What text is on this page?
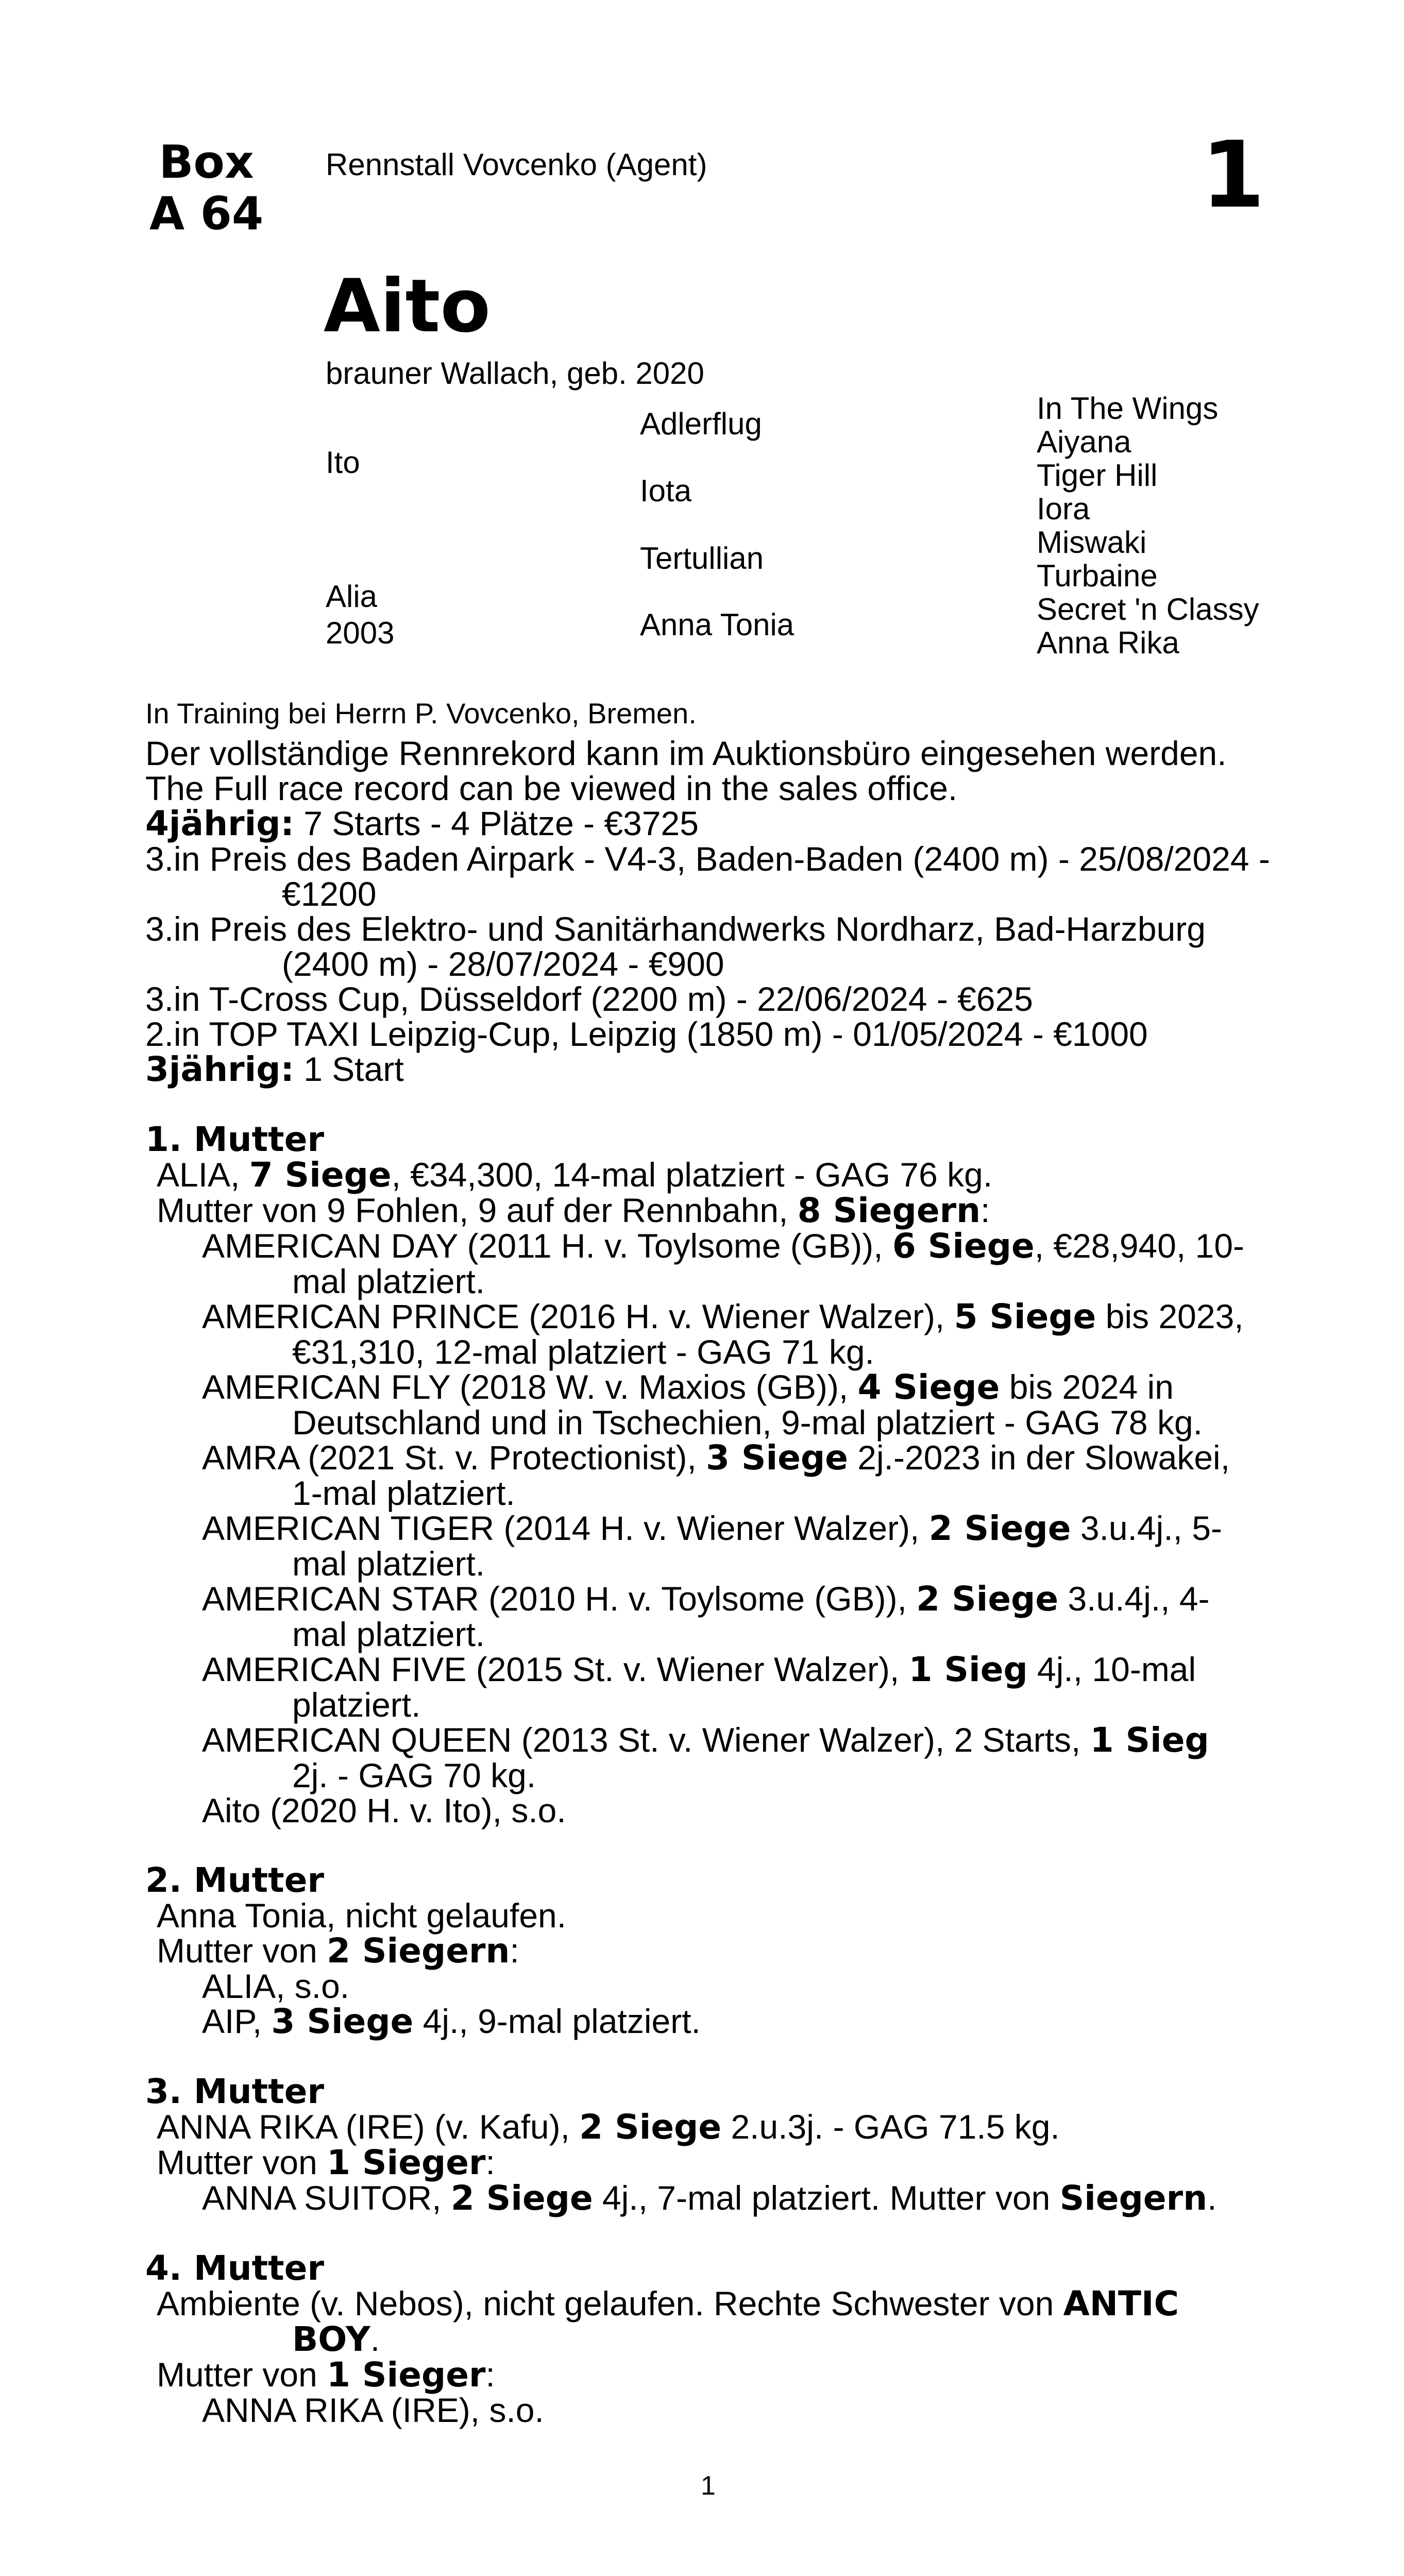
Box
A 64
Rennstall Vovcenko (Agent)	1
Aito
brauner Wallach, geb. 2020
Ito
Alia
2003
Adlerflug
Iota
Tertullian
Anna Tonia
In The Wings
Aiyana
Tiger Hill
Iora
Miswaki
Turbaine
Secret 'n Classy
Anna Rika
In Training bei Herrn P. Vovcenko, Bremen.
Der vollständige Rennrekord kann im Auktionsbüro eingesehen werden.
The Full race record can be viewed in the sales office.
4jährig: 7 Starts - 4 Plätze - €3725
3.in Preis des Baden Airpark - V4-3, Baden-Baden (2400 m) - 25/08/2024 -
€1200
3.in Preis des Elektro- und Sanitärhandwerks Nordharz, Bad-Harzburg
(2400 m) - 28/07/2024 - €900
3.in T-Cross Cup, Düsseldorf (2200 m) - 22/06/2024 - €625
2.in TOP TAXI Leipzig-Cup, Leipzig (1850 m) - 01/05/2024 - €1000
3jährig: 1 Start
1. Mutter
ALIA, 7 Siege, €34,300, 14-mal platziert - GAG 76 kg.
Mutter von 9 Fohlen, 9 auf der Rennbahn, 8 Siegern:
AMERICAN DAY (2011 H. v. Toylsome (GB)), 6 Siege, €28,940, 10-
mal platziert.
AMERICAN PRINCE (2016 H. v. Wiener Walzer), 5 Siege bis 2023,
€31,310, 12-mal platziert - GAG 71 kg.
AMERICAN FLY (2018 W. v. Maxios (GB)), 4 Siege bis 2024 in
Deutschland und in Tschechien, 9-mal platziert - GAG 78 kg.
AMRA (2021 St. v. Protectionist), 3 Siege 2j.-2023 in der Slowakei,
1-mal platziert.
AMERICAN TIGER (2014 H. v. Wiener Walzer), 2 Siege 3.u.4j., 5-
mal platziert.
AMERICAN STAR (2010 H. v. Toylsome (GB)), 2 Siege 3.u.4j., 4-
mal platziert.
AMERICAN FIVE (2015 St. v. Wiener Walzer), 1 Sieg 4j., 10-mal
platziert.
AMERICAN QUEEN (2013 St. v. Wiener Walzer), 2 Starts, 1 Sieg
2j. - GAG 70 kg.
Aito (2020 H. v. Ito), s.o.
2. Mutter
Anna Tonia, nicht gelaufen.
Mutter von 2 Siegern:
ALIA, s.o.
AIP, 3 Siege 4j., 9-mal platziert.
3. Mutter
ANNA RIKA (IRE) (v. Kafu), 2 Siege 2.u.3j. - GAG 71.5 kg.
Mutter von 1 Sieger:
ANNA SUITOR, 2 Siege 4j., 7-mal platziert. Mutter von Siegern.
4. Mutter
Ambiente (v. Nebos), nicht gelaufen. Rechte Schwester von ANTIC
BOY.
Mutter von 1 Sieger:
ANNA RIKA (IRE), s.o.
1
